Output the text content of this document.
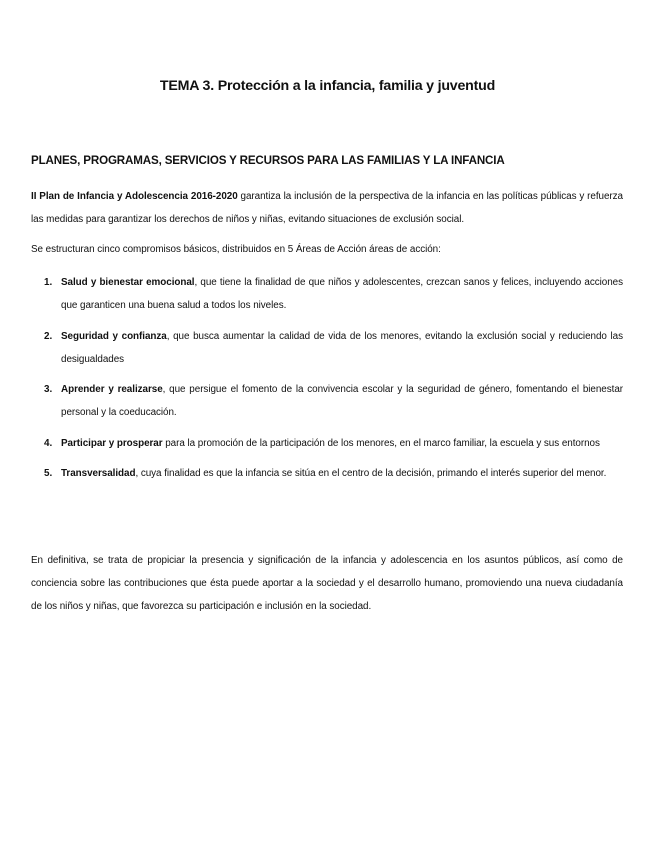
TEMA 3. Protección a la infancia, familia y juventud
PLANES, PROGRAMAS, SERVICIOS Y RECURSOS PARA LAS FAMILIAS Y LA INFANCIA
II Plan de Infancia y Adolescencia 2016-2020 garantiza la inclusión de la perspectiva de la infancia en las políticas públicas y refuerza las medidas para garantizar los derechos de niños y niñas, evitando situaciones de exclusión social.
Se estructuran cinco compromisos básicos, distribuidos en 5 Áreas de Acción áreas de acción:
1. Salud y bienestar emocional, que tiene la finalidad de que niños y adolescentes, crezcan sanos y felices, incluyendo acciones que garanticen una buena salud a todos los niveles.
2. Seguridad y confianza, que busca aumentar la calidad de vida de los menores, evitando la exclusión social y reduciendo las desigualdades
3. Aprender y realizarse, que persigue el fomento de la convivencia escolar y la seguridad de género, fomentando el bienestar personal y la coeducación.
4. Participar y prosperar para la promoción de la participación de los menores, en el marco familiar, la escuela y sus entornos
5. Transversalidad, cuya finalidad es que la infancia se sitúa en el centro de la decisión, primando el interés superior del menor.
En definitiva, se trata de propiciar la presencia y significación de la infancia y adolescencia en los asuntos públicos, así como de conciencia sobre las contribuciones que ésta puede aportar a la sociedad y el desarrollo humano, promoviendo una nueva ciudadanía de los niños y niñas, que favorezca su participación e inclusión en la sociedad.
